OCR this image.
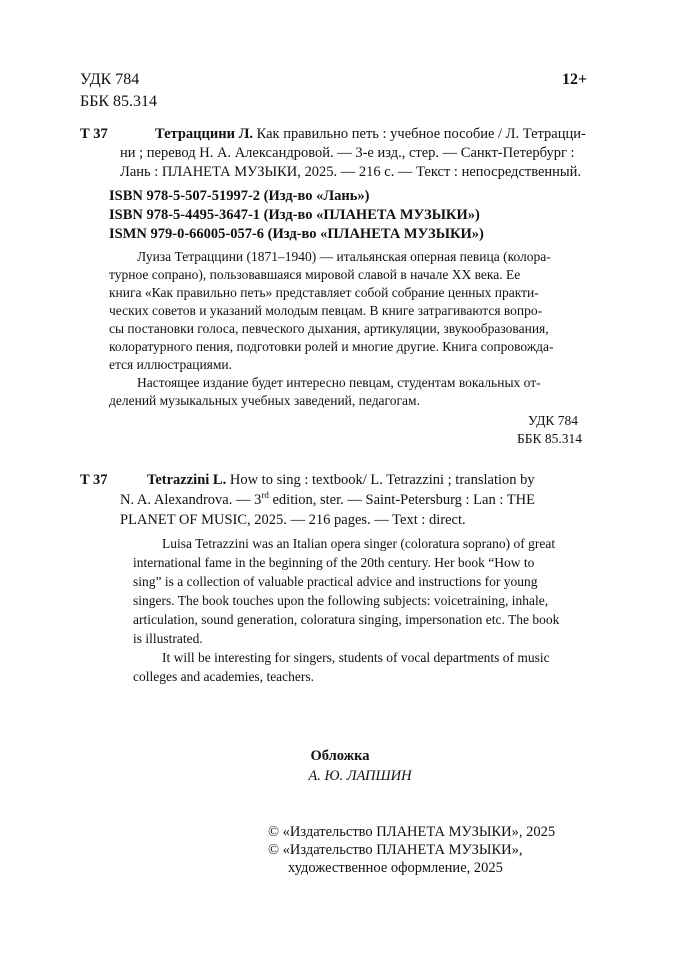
УДК 784
ББК 85.314
12+
Т 37	Тетраццини Л. Как правильно петь : учебное пособие / Л. Тетрацци-
ни ; перевод Н. А. Александровой. — 3-е изд., стер. — Санкт-Петербург :
Лань : ПЛАНЕТА МУЗЫКИ, 2025. — 216 с. — Текст : непосредственный.
ISBN 978-5-507-51997-2 (Изд-во «Лань»)
ISBN 978-5-4495-3647-1 (Изд-во «ПЛАНЕТА МУЗЫКИ»)
ISMN 979-0-66005-057-6 (Изд-во «ПЛАНЕТА МУЗЫКИ»)
Луиза Тетраццини (1871–1940) — итальянская оперная певица (колора-
турное сопрано), пользовавшаяся мировой славой в начале XX века. Ее
книга «Как правильно петь» представляет собой собрание ценных практи-
ческих советов и указаний молодым певцам. В книге затрагиваются вопро-
сы постановки голоса, певческого дыхания, артикуляции, звукообразования,
колоратурного пения, подготовки ролей и многие другие. Книга сопровожда-
ется иллюстрациями.
Настоящее издание будет интересно певцам, студентам вокальных от-
делений музыкальных учебных заведений, педагогам.
УДК 784
ББК 85.314
T 37	Tetrazzini L. How to sing : textbook/ L. Tetrazzini ; translation by
N. A. Alexandrova. — 3rd edition, ster. — Saint-Petersburg : Lan : THE
PLANET OF MUSIC, 2025. — 216 pages. — Text : direct.
Luisa Tetrazzini was an Italian opera singer (coloratura soprano) of great
international fame in the beginning of the 20th century. Her book “How to
sing” is a collection of valuable practical advice and instructions for young
singers. The book touches upon the following subjects: voicetraining, inhale,
articulation, sound generation, coloratura singing, impersonation etc. The book
is illustrated.
It will be interesting for singers, students of vocal departments of music
colleges and academies, teachers.
Обложка
А. Ю. ЛАПШИН
© «Издательство ПЛАНЕТА МУЗЫКИ», 2025
© «Издательство ПЛАНЕТА МУЗЫКИ»,
художественное оформление, 2025
